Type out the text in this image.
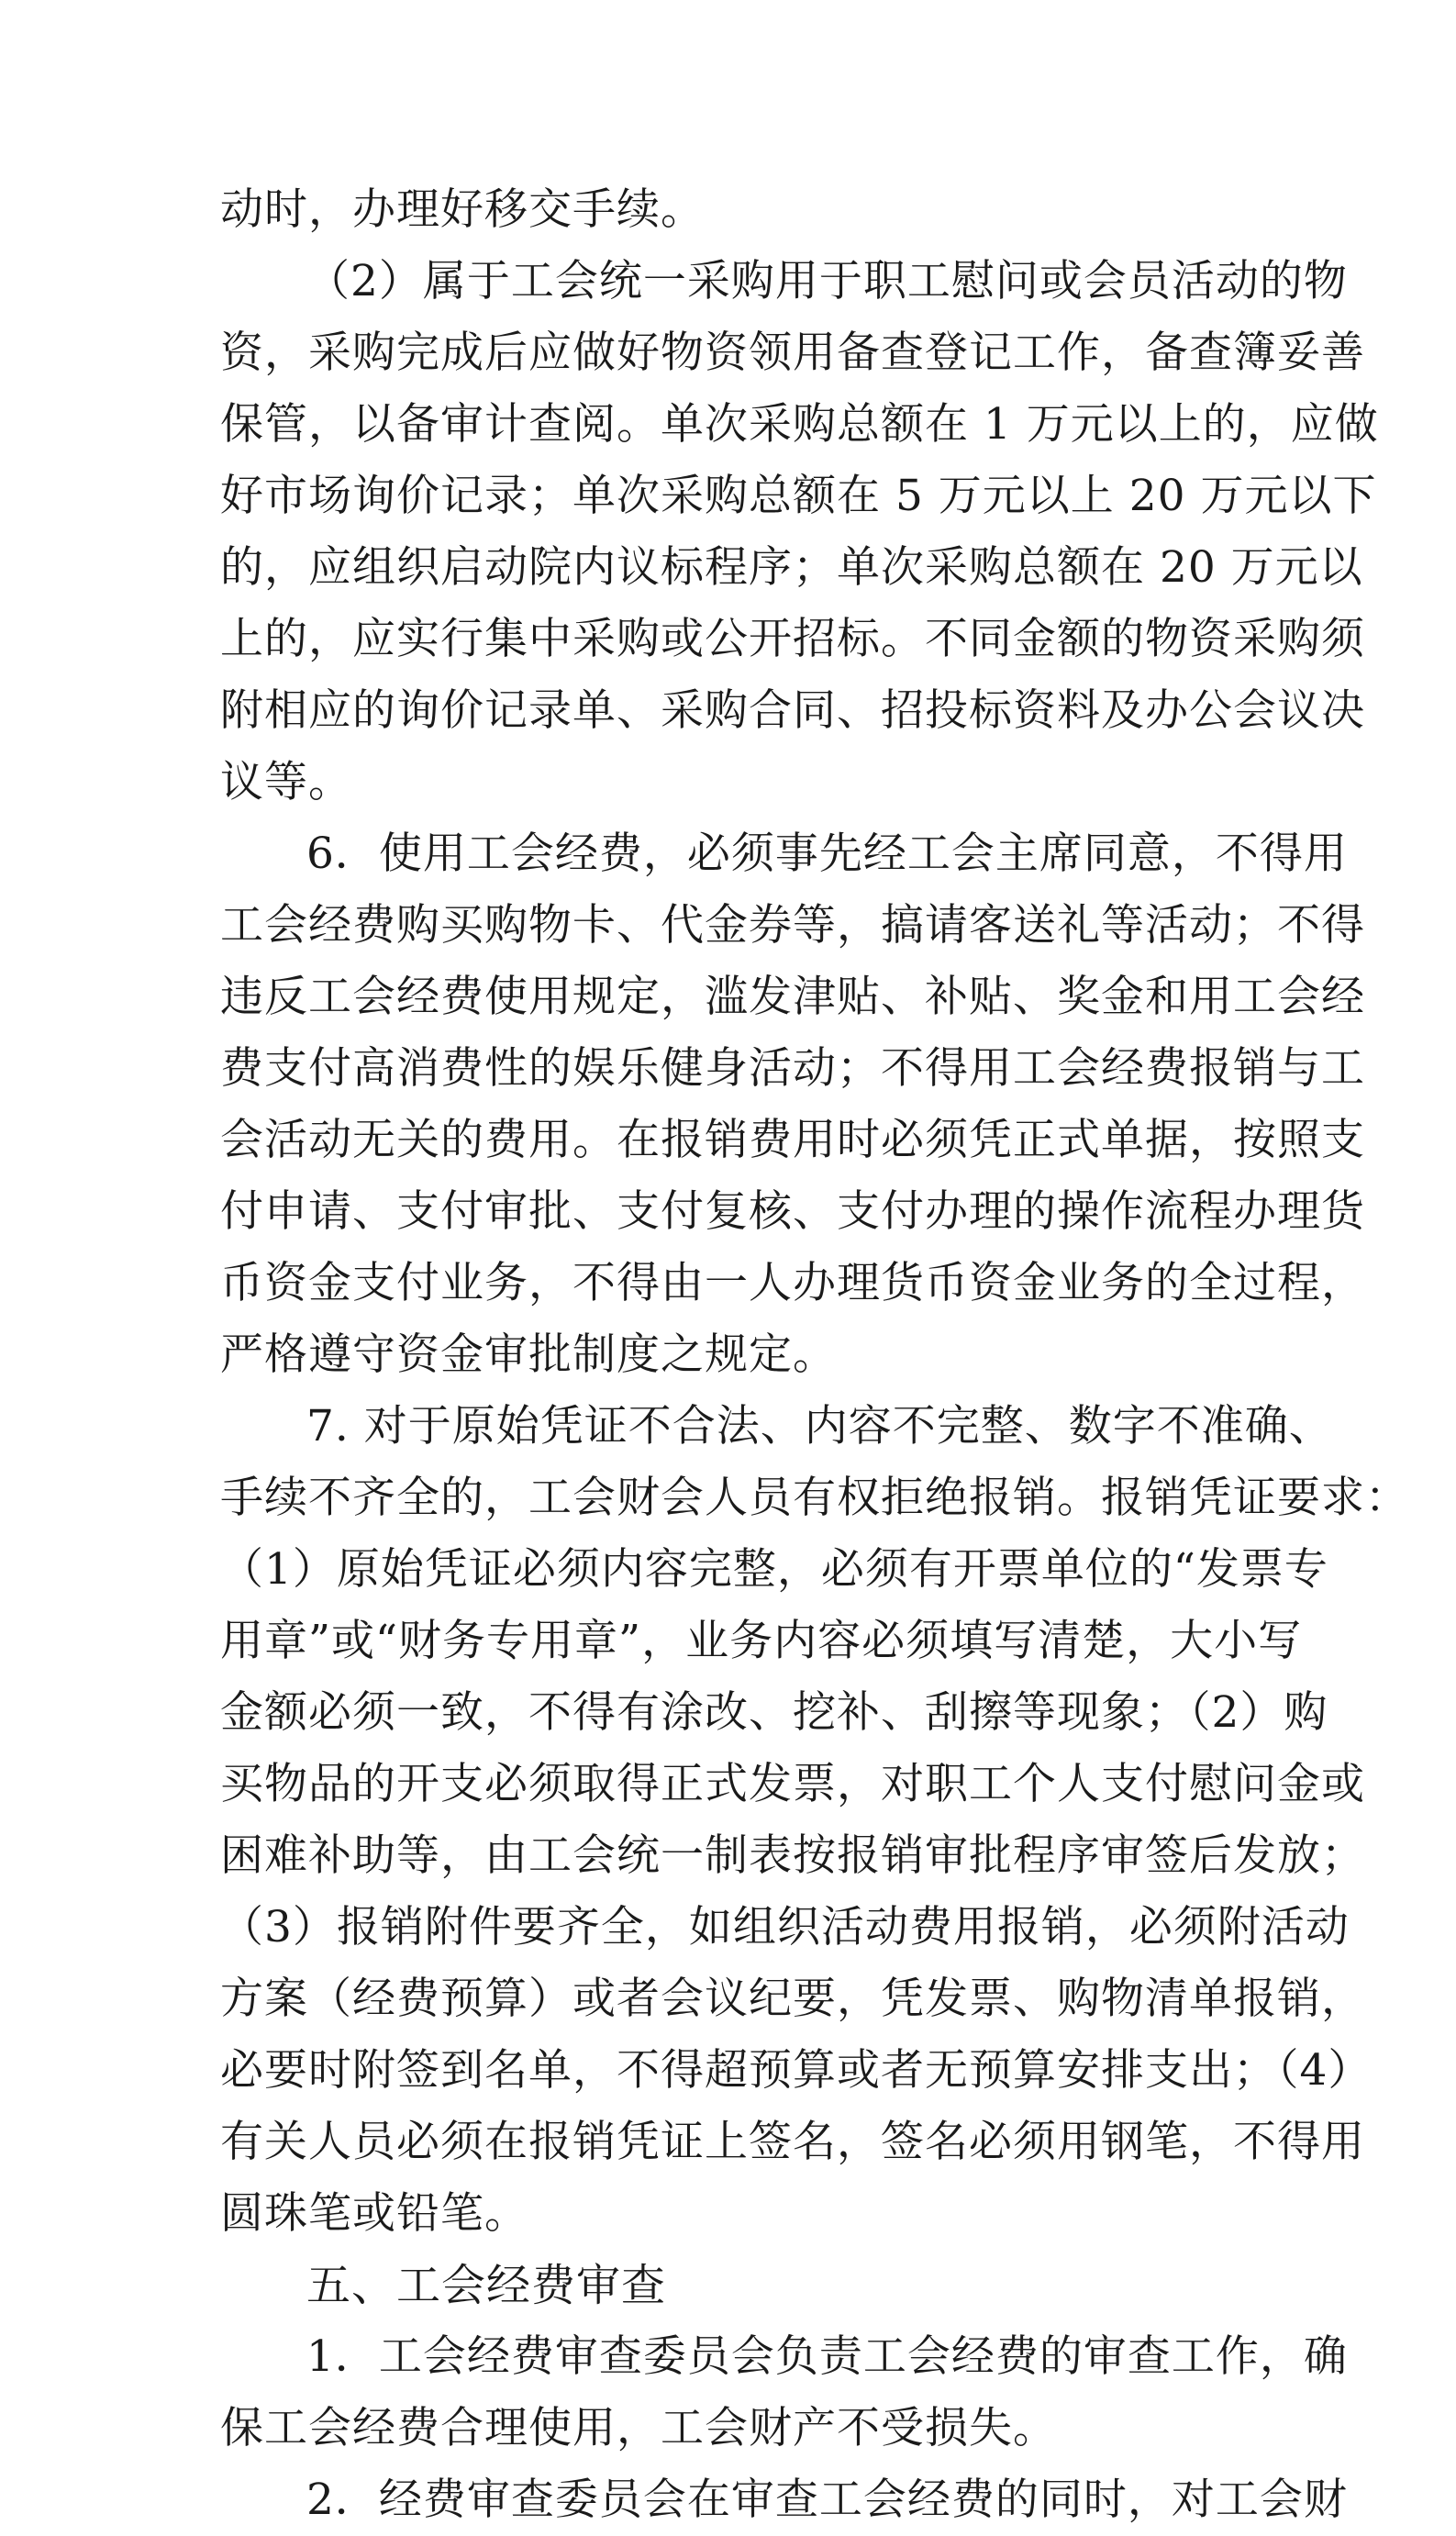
动时，办理好移交手续。
（2）属于工会统一采购用于职工慰问或会员活动的物
资，采购完成后应做好物资领用备查登记工作，备查簿妥善
保管，以备审计查阅。单次采购总额在 1 万元以上的，应做
好市场询价记录；单次采购总额在 5 万元以上 20 万元以下
的，应组织启动院内议标程序；单次采购总额在 20 万元以
上的，应实行集中采购或公开招标。不同金额的物资采购须
附相应的询价记录单、采购合同、招投标资料及办公会议决
议等。
6．使用工会经费，必须事先经工会主席同意，不得用
工会经费购买购物卡、代金券等，搞请客送礼等活动；不得
违反工会经费使用规定，滥发津贴、补贴、奖金和用工会经
费支付高消费性的娱乐健身活动；不得用工会经费报销与工
会活动无关的费用。在报销费用时必须凭正式单据，按照支
付申请、支付审批、支付复核、支付办理的操作流程办理货
币资金支付业务，不得由一人办理货币资金业务的全过程，
严格遵守资金审批制度之规定。
7. 对于原始凭证不合法、内容不完整、数字不准确、
手续不齐全的，工会财会人员有权拒绝报销。报销凭证要求：
（1）原始凭证必须内容完整，必须有开票单位的“发票专
用章”或“财务专用章”，业务内容必须填写清楚，大小写
金额必须一致，不得有涂改、挖补、刮擦等现象；（2）购
买物品的开支必须取得正式发票，对职工个人支付慰问金或
困难补助等，由工会统一制表按报销审批程序审签后发放；
（3）报销附件要齐全，如组织活动费用报销，必须附活动
方案（经费预算）或者会议纪要，凭发票、购物清单报销，
必要时附签到名单，不得超预算或者无预算安排支出；（4）
有关人员必须在报销凭证上签名，签名必须用钢笔，不得用
圆珠笔或铅笔。
五、工会经费审查
1．工会经费审查委员会负责工会经费的审查工作，确
保工会经费合理使用，工会财产不受损失。
2．经费审查委员会在审查工会经费的同时，对工会财
